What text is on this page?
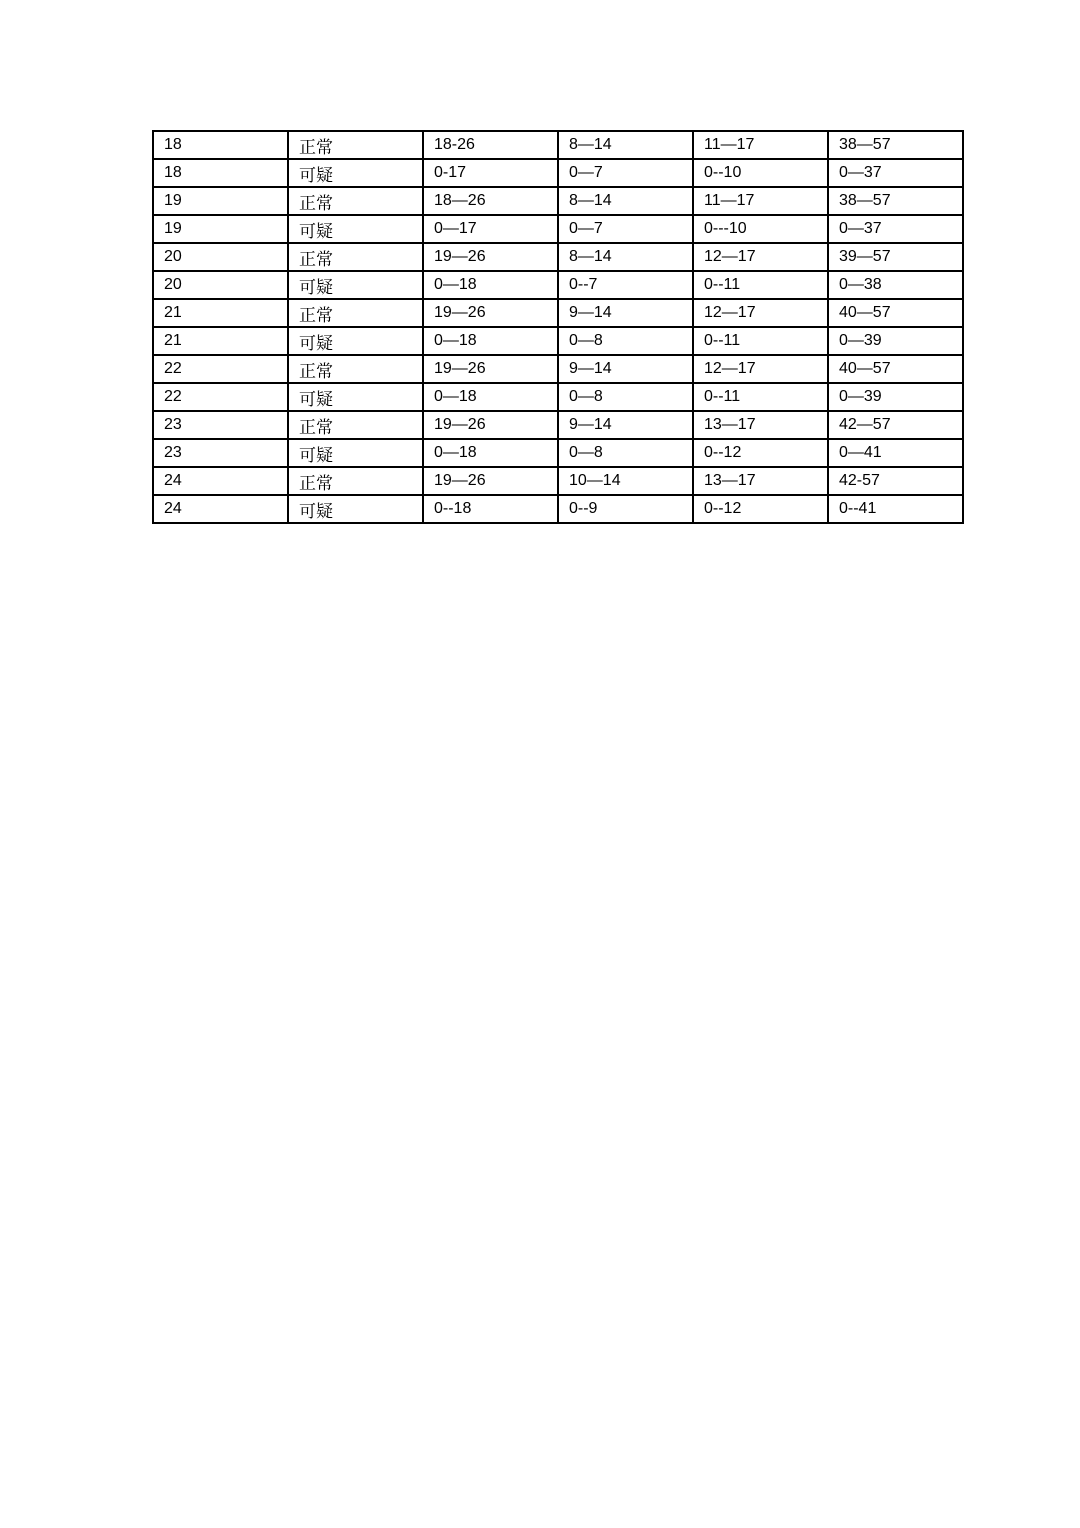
18	正常	18-26	8—14	11—17	38—57
18	可疑	0-17	0—7	0--10	0—37
19	正常	18—26	8—14	11—17	38—57
19	可疑	0—17	0—7	0---10	0—37
20	正常	19—26	8—14	12—17	39—57
20	可疑	0—18	0--7	0--11	0—38
21	正常	19—26	9—14	12—17	40—57
21	可疑	0—18	0—8	0--11	0—39
22	正常	19—26	9—14	12—17	40—57
22	可疑	0—18	0—8	0--11	0—39
23	正常	19—26	9—14	13—17	42—57
23	可疑	0—18	0—8	0--12	0—41
24	正常	19—26	10—14	13—17	42-57
24	可疑	0--18	0--9	0--12	0--41
